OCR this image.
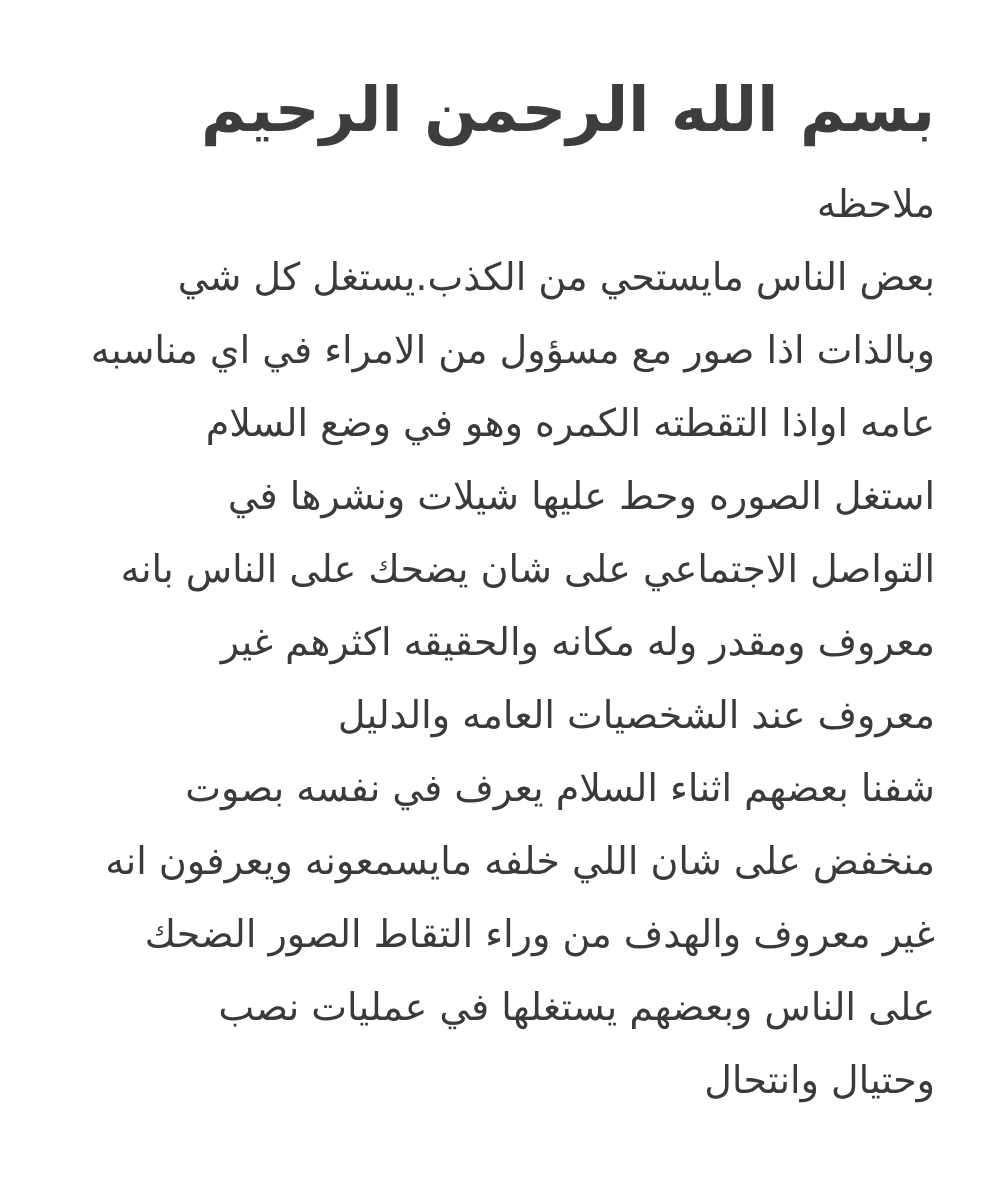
بسم الله الرحمن الرحيم

ملاحظه

بعض الناس مايستحي من الكذب.يستغل كل شي

وبالذات اذا صور مع مسؤول من الامراء في اي مناسبه

عامه اواذا التقطته الكمره وهو في وضع السلام

استغل الصوره وحط عليها شيلات ونشرها في

التواصل الاجتماعي على شان يضحك على الناس بانه

معروف ومقدر وله مكانه والحقيقه اكثرهم غير

معروف عند الشخصيات العامه والدليل

شفنا بعضهم اثناء السلام يعرف في نفسه بصوت

منخفض على شان اللي خلفه مايسمعونه ويعرفون انه

غير معروف والهدف من وراء التقاط الصور الضحك

على الناس وبعضهم يستغلها في عمليات نصب

وحتيال وانتحال
